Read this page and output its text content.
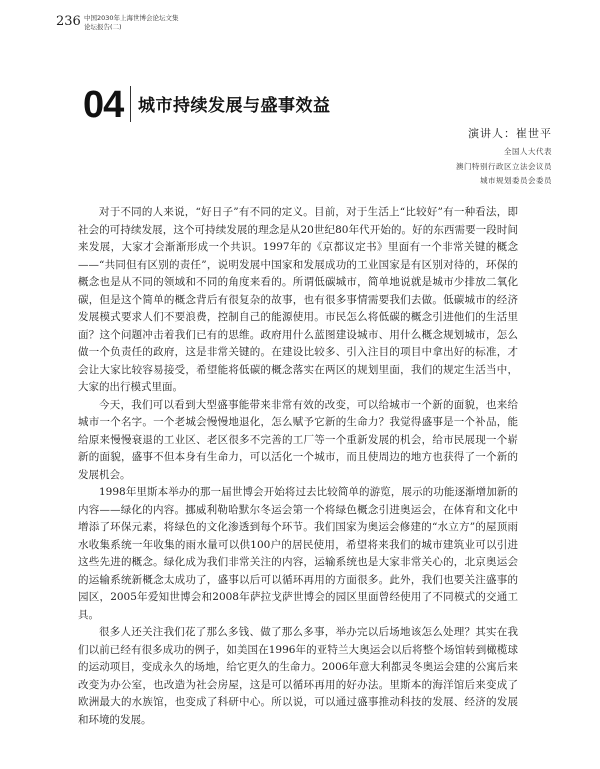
236 中国2030年上海世博会论坛文集
论坛报告(二)
04 城市持续发展与盛事效益
演讲人：崔世平
全国人大代表
澳门特别行政区立法会议员
城市规划委员会委员

对于不同的人来说，“好日子”有不同的定义。目前，对于生活上“比较好”有一种看法，即社会的可持续发展，这个可持续发展的理念是从20世纪80年代开始的。好的东西需要一段时间来发展，大家才会渐渐形成一个共识。1997年的《京都议定书》里面有一个非常关键的概念——“共同但有区别的责任”，说明发展中国家和发展成功的工业国家是有区别对待的，环保的概念也是从不同的领域和不同的角度来看的。所谓低碳城市，简单地说就是城市少排放二氧化碳，但是这个简单的概念背后有很复杂的故事，也有很多事情需要我们去做。低碳城市的经济发展模式要求人们不要浪费，控制自己的能源使用。市民怎么将低碳的概念引进他们的生活里面？这个问题冲击着我们已有的思维。政府用什么蓝图建设城市、用什么概念规划城市，怎么做一个负责任的政府，这是非常关键的。在建设比较多、引入注目的项目中拿出好的标准，才会让大家比较容易接受，希望能将低碳的概念落实在两区的规划里面，我们的规定生活当中，大家的出行模式里面。

今天，我们可以看到大型盛事能带来非常有效的改变，可以给城市一个新的面貌，也来给城市一个名字。一个老城会慢慢地退化，怎么赋予它新的生命力？我觉得盛事是一个补品，能给原来慢慢衰退的工业区、老区很多不完善的工厂等一个重新发展的机会，给市民展现一个崭新的面貌，盛事不但本身有生命力，可以活化一个城市，而且使周边的地方也获得了一个新的发展机会。

1998年里斯本举办的那一届世博会开始将过去比较简单的游览，展示的功能逐渐增加新的内容——绿化的内容。挪威利勒哈默尔冬运会第一个将绿色概念引进奥运会，在体育和文化中增添了环保元素，将绿色的文化渗透到每个环节。我们国家为奥运会修建的“水立方”的屋顶雨水收集系统一年收集的雨水量可以供100户的居民使用，希望将来我们的城市建筑业可以引进这些先进的概念。绿化成为我们非常关注的内容，运输系统也是大家非常关心的，北京奥运会的运输系统新概念太成功了，盛事以后可以循环再用的方面很多。此外，我们也要关注盛事的园区，2005年爱知世博会和2008年萨拉戈萨世博会的园区里面曾经使用了不同模式的交通工具。

很多人还关注我们花了那么多钱、做了那么多事，举办完以后场地该怎么处理？其实在我们以前已经有很多成功的例子，如美国在1996年的亚特兰大奥运会以后将整个场馆转到橄榄球的运动项目，变成永久的场地，给它更久的生命力。2006年意大利都灵冬奥运会建的公寓后来改变为办公室，也改造为社会房屋，这是可以循环再用的好办法。里斯本的海洋馆后来变成了欧洲最大的水族馆，也变成了科研中心。所以说，可以通过盛事推动科技的发展、经济的发展和环境的发展。
